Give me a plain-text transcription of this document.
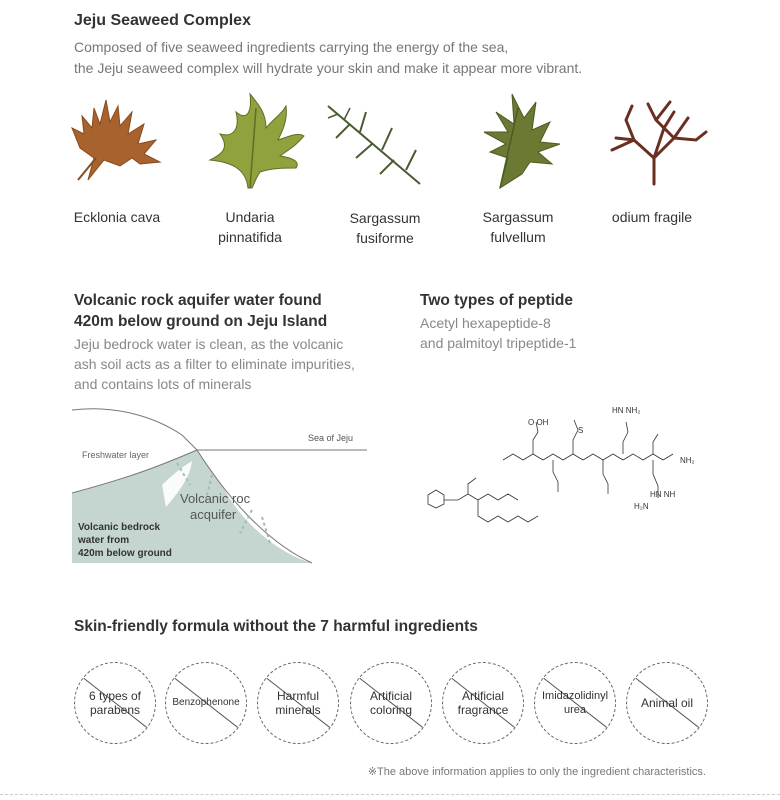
Jeju Seaweed Complex
Composed of five seaweed ingredients carrying the energy of the sea,
the Jeju seaweed complex will hydrate your skin and make it appear more vibrant.
Ecklonia cava	Undaria
pinnatifida
Sargassum
fusiforme
Sargassum
fulvellum
odium fragile
Volcanic rock aquifer water found
420m below ground on Jeju Island
Jeju bedrock water is clean, as the volcanic
ash soil acts as a filter to eliminate impurities,
and contains lots of minerals
Sea of Jeju
Freshwater layer
Volcanic roc
acquifer
Volcanic bedrock
water from
420m below ground
Two types of peptide
Acetyl hexapeptide-8
and palmitoyl tripeptide-1
O OH
HN NH₂
NH₂
HN NH
H₂N
S
Skin-friendly formula without the 7 harmful ingredients
6 types of
parabens
Benzophenone	Harmful
minerals
Artificial
coloring
Artificial
fragrance
Imidazolidinyl
urea	Animal oil
※The above information applies to only the ingredient characteristics.
